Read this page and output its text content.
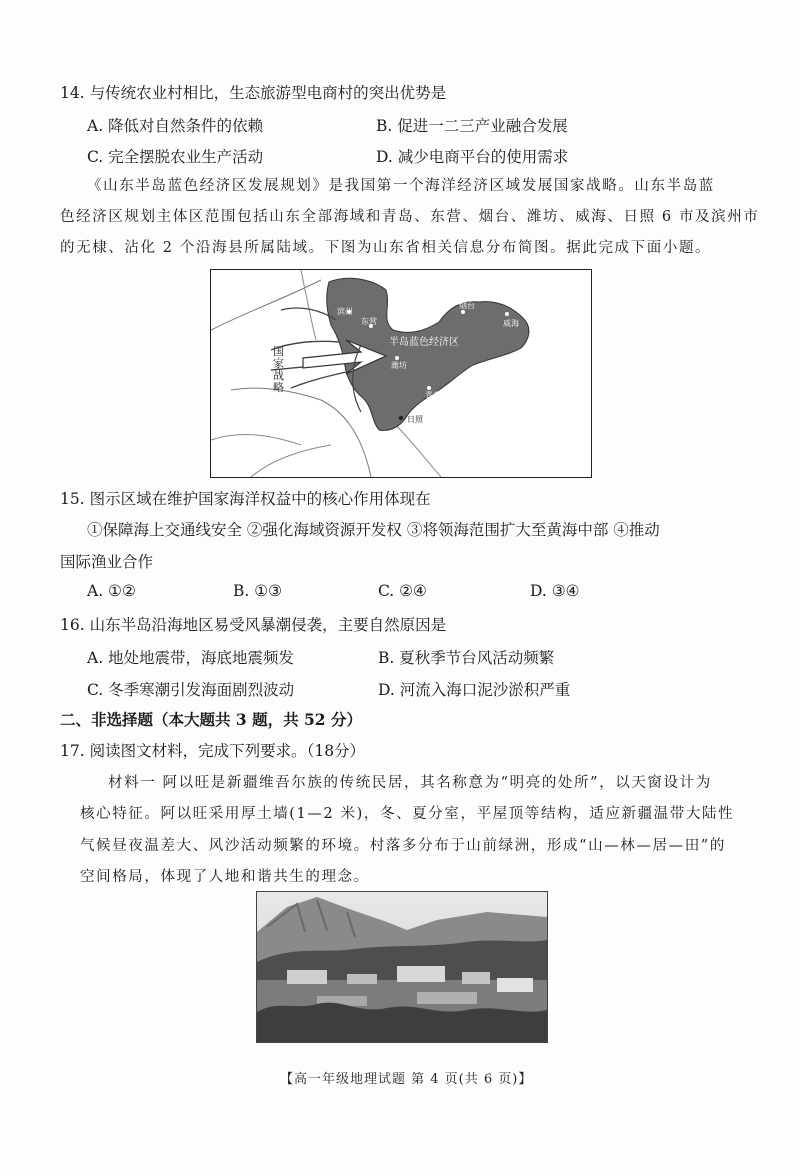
14. 与传统农业村相比，生态旅游型电商村的突出优势是
A. 降低对自然条件的依赖	B. 促进一二三产业融合发展
C. 完全摆脱农业生产活动	D. 减少电商平台的使用需求
《山东半岛蓝色经济区发展规划》是我国第一个海洋经济区域发展国家战略。山东半岛蓝
色经济区规划主体区范围包括山东全部海域和青岛、东营、烟台、潍坊、威海、日照 6 市及滨州市
的无棣、沾化 2 个沿海县所属陆域。下图为山东省相关信息分布简图。据此完成下面小题。
滨州
东营
烟台
威海
潍坊
青岛
日照
半岛蓝色经济区
国家战略
15. 图示区域在维护国家海洋权益中的核心作用体现在
①保障海上交通线安全 ②强化海域资源开发权 ③将领海范围扩大至黄海中部 ④推动
国际渔业合作
A. ①②	B. ①③	C. ②④	D. ③④
16. 山东半岛沿海地区易受风暴潮侵袭，主要自然原因是
A. 地处地震带，海底地震频发	B. 夏秋季节台风活动频繁
C. 冬季寒潮引发海面剧烈波动	D. 河流入海口泥沙淤积严重
二、非选择题（本大题共 3 题，共 52 分）
17. 阅读图文材料，完成下列要求。（18分）
材料一 阿以旺是新疆维吾尔族的传统民居，其名称意为“明亮的处所”，以天窗设计为
核心特征。阿以旺采用厚土墙(1—2 米)，冬、夏分室，平屋顶等结构，适应新疆温带大陆性
气候昼夜温差大、风沙活动频繁的环境。村落多分布于山前绿洲，形成“山—林—居—田”的
空间格局，体现了人地和谐共生的理念。
【高一年级地理试题 第 4 页(共 6 页)】
